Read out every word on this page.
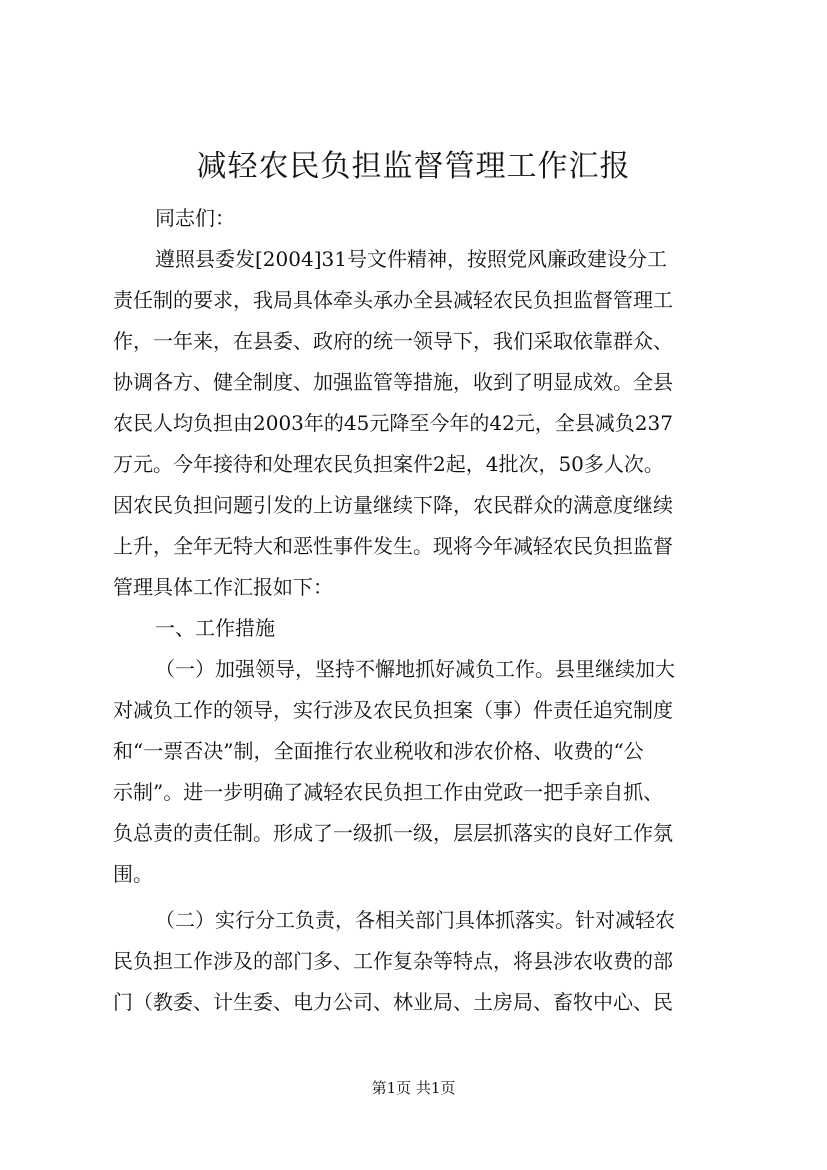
减轻农民负担监督管理工作汇报
同志们：
遵照县委发[2004]31号文件精神，按照党风廉政建设分工
责任制的要求，我局具体牵头承办全县减轻农民负担监督管理工
作，一年来，在县委、政府的统一领导下，我们采取依靠群众、
协调各方、健全制度、加强监管等措施，收到了明显成效。全县
农民人均负担由2003年的45元降至今年的42元，全县减负237
万元。今年接待和处理农民负担案件2起，4批次，50多人次。
因农民负担问题引发的上访量继续下降，农民群众的满意度继续
上升，全年无特大和恶性事件发生。现将今年减轻农民负担监督
管理具体工作汇报如下：
一、工作措施
（一）加强领导，坚持不懈地抓好减负工作。县里继续加大
对减负工作的领导，实行涉及农民负担案（事）件责任追究制度
和“一票否决”制，全面推行农业税收和涉农价格、收费的“公
示制”。进一步明确了减轻农民负担工作由党政一把手亲自抓、
负总责的责任制。形成了一级抓一级，层层抓落实的良好工作氛
围。
（二）实行分工负责，各相关部门具体抓落实。针对减轻农
民负担工作涉及的部门多、工作复杂等特点，将县涉农收费的部
门（教委、计生委、电力公司、林业局、土房局、畜牧中心、民
第1页 共1页
